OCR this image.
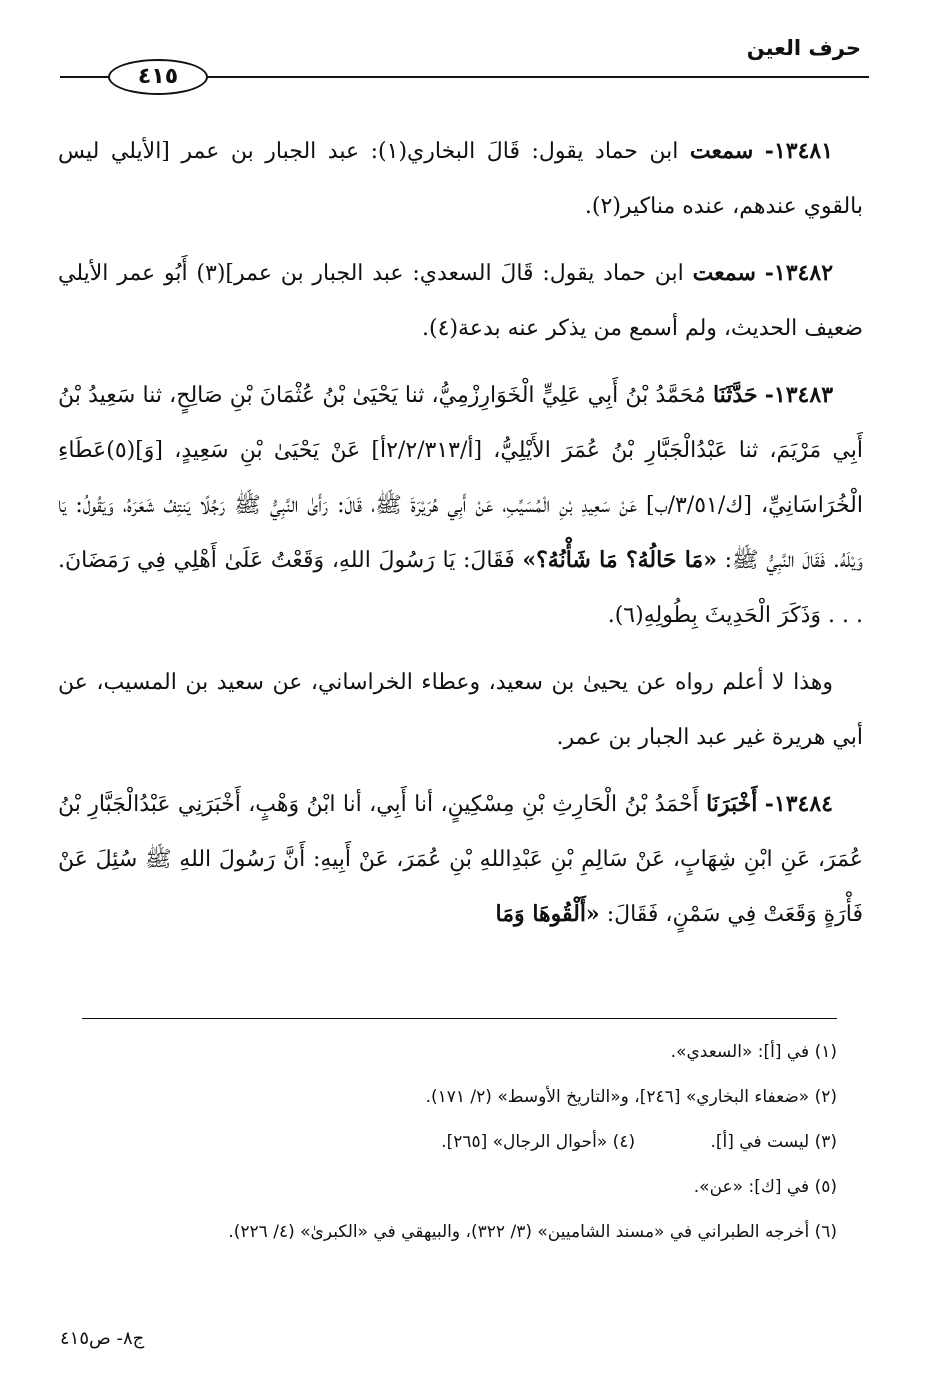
حرف العين
٤١٥

١٣٤٨١- سمعت ابن حماد يقول: قَالَ البخاري(١): عبد الجبار بن عمر [الأيلي ليس بالقوي عندهم، عنده مناكير(٢).

١٣٤٨٢- سمعت ابن حماد يقول: قَالَ السعدي: عبد الجبار بن عمر](٣) أَبُو عمر الأيلي ضعيف الحديث، ولم أسمع من يذكر عنه بدعة(٤).

١٣٤٨٣- حَدَّثَنَا مُحَمَّدُ بْنُ أَبِي عَلِيٍّ الْخَوَارِزْمِيُّ، ثنا يَحْيَىٰ بْنُ عُثْمَانَ بْنِ صَالِحٍ، ثنا سَعِيدُ بْنُ أَبِي مَرْيَمَ، ثنا عَبْدُالْجَبَّارِ بْنُ عُمَرَ الأَيْلِيُّ، [أ/٢/٢/٣١٣أ] عَنْ يَحْيَىٰ بْنِ سَعِيدٍ، [وَ](٥)عَطَاءِ الْخُرَاسَانِيِّ، [ك/٣/٥١/ب] عَنْ سَعِيدِ بْنِ الْمُسَيِّبِ، عَنْ أَبِي هُرَيْرَةَ ﷺ، قَالَ: رَأَىٰ النَّبِيُّ ﷺ رَجُلًا يَنتِفُ شَعَرَهُ، وَيَقُولُ: يَا وَيْلَهُ. فَقَالَ النَّبِيُّ ﷺ: «مَا حَالُهُ؟ مَا شَأْنُهُ؟» فَقَالَ: يَا رَسُولَ اللهِ، وَقَعْتُ عَلَىٰ أَهْلِي فِي رَمَضَانَ. . . . وَذَكَرَ الْحَدِيثَ بِطُولِهِ(٦).

وهذا لا أعلم رواه عن يحيىٰ بن سعيد، وعطاء الخراساني، عن سعيد بن المسيب، عن أبي هريرة غير عبد الجبار بن عمر.

١٣٤٨٤- أَخْبَرَنَا أَحْمَدُ بْنُ الْحَارِثِ بْنِ مِسْكِينٍ، أنا أَبِي، أنا ابْنُ وَهْبٍ، أَخْبَرَنِي عَبْدُالْجَبَّارِ بْنُ عُمَرَ، عَنِ ابْنِ شِهَابٍ، عَنْ سَالِمِ بْنِ عَبْدِاللهِ بْنِ عُمَرَ، عَنْ أَبِيهِ: أَنَّ رَسُولَ اللهِ ﷺ سُئِلَ عَنْ فَأْرَةٍ وَقَعَتْ فِي سَمْنٍ، فَقَالَ: «أَلْقُوهَا وَمَا

(١) في [أ]: «السعدي».

(٢) «ضعفاء البخاري» [٢٤٦]، و«التاريخ الأوسط» (٢/ ١٧١).

(٣) ليست في [أ]. (٤) «أحوال الرجال» [٢٦٥].

(٥) في [ك]: «عن».

(٦) أخرجه الطبراني في «مسند الشاميين» (٣/ ٣٢٢)، والبيهقي في «الكبرىٰ» (٤/ ٢٢٦).

ج٨- ص٤١٥
